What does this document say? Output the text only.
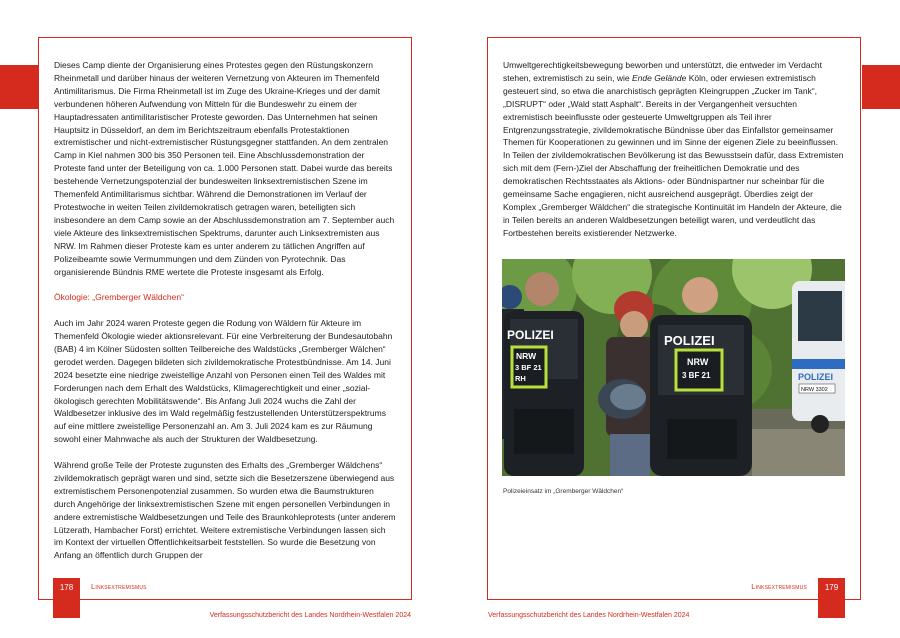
Dieses Camp diente der Organisierung eines Protestes gegen den Rüstungskonzern Rheinmetall und darüber hinaus der weiteren Vernetzung von Akteuren im Themenfeld Antimilitarismus. Die Firma Rheinmetall ist im Zuge des Ukraine-Krieges und der damit verbundenen höheren Aufwendung von Mitteln für die Bundeswehr zu einem der Hauptadressaten antimilitaristischer Proteste geworden. Das Unternehmen hat seinen Hauptsitz in Düsseldorf, an dem im Berichtszeitraum ebenfalls Protestaktionen extremistischer und nicht-extremistischer Rüstungsgegner stattfanden. An dem zentralen Camp in Kiel nahmen 300 bis 350 Personen teil. Eine Abschlussdemonstration der Proteste fand unter der Beteiligung von ca. 1.000 Personen statt. Dabei wurde das bereits bestehende Vernetzungspotenzial der bundesweiten linksextremistischen Szene im Themenfeld Antimilitarismus sichtbar. Während die Demonstrationen im Verlauf der Protestwoche in weiten Teilen zivildemokratisch getragen waren, beteiligten sich insbesondere an dem Camp sowie an der Abschlussdemonstration am 7. September auch viele Akteure des linksextremistischen Spektrums, darunter auch Linksextremisten aus NRW. Im Rahmen dieser Proteste kam es unter anderem zu tätlichen Angriffen auf Polizeibeamte sowie Vermummungen und dem Zünden von Pyrotechnik. Das organisierende Bündnis RME wertete die Proteste insgesamt als Erfolg.

Ökologie: „Gremberger Wäldchen“

Auch im Jahr 2024 waren Proteste gegen die Rodung von Wäldern für Akteure im Themenfeld Ökologie wieder aktionsrelevant. Für eine Verbreiterung der Bundesautobahn (BAB) 4 im Kölner Südosten sollten Teilbereiche des Waldstücks „Gremberger Wälchen“ gerodet werden. Dagegen bildeten sich zivildemokratische Protestbündnisse. Am 14. Juni 2024 besetzte eine niedrige zweistellige Anzahl von Personen einen Teil des Waldes mit Forderungen nach dem Erhalt des Waldstücks, Klimagerechtigkeit und einer „sozial-ökologisch gerechten Mobilitätswende“. Bis Anfang Juli 2024 wuchs die Zahl der Waldbesetzer inklusive des im Wald regelmäßig festzustellenden Unterstützerspektrums auf eine mittlere zweistellige Personenzahl an. Am 3. Juli 2024 kam es zur Räumung sowohl einer Mahnwache als auch der Strukturen der Waldbesetzung.

Während große Teile der Proteste zugunsten des Erhalts des „Gremberger Wäldchens“ zivildemokratisch geprägt waren und sind, setzte sich die Besetzerszene überwiegend aus extremistischem Personenpotenzial zusammen. So wurden etwa die Baumstrukturen durch Angehörige der linksextremistischen Szene mit engen personellen Verbindungen in andere extremistische Waldbesetzungen und Teile des Braunkohleprotests (unter anderem Lützerath, Hambacher Forst) errichtet. Weitere extremistische Verbindungen lassen sich im Kontext der virtuellen Öffentlichkeitsarbeit feststellen. So wurde die Besetzung von Anfang an öffentlich durch Gruppen der

Umweltgerechtigkeitsbewegung beworben und unterstützt, die entweder im Verdacht stehen, extremistisch zu sein, wie Ende Gelände Köln, oder erwiesen extremistisch gesteuert sind, so etwa die anarchistisch geprägten Kleingruppen „Zucker im Tank“, „DISRUPT“ oder „Wald statt Asphalt“. Bereits in der Vergangenheit versuchten extremistisch beeinflusste oder gesteuerte Umweltgruppen als Teil ihrer Entgrenzungsstrategie, zivildemokratische Bündnisse über das Einfallstor gemeinsamer Themen für Kooperationen zu gewinnen und im Sinne der eigenen Ziele zu beeinflussen. In Teilen der zivildemokratischen Bevölkerung ist das Bewusstsein dafür, dass Extremisten sich mit dem (Fern-)Ziel der Abschaffung der freiheitlichen Demokratie und des demokratischen Rechtsstaates als Aktions- oder Bündnispartner nur scheinbar für die gemeinsame Sache engagieren, nicht ausreichend ausgeprägt. Überdies zeigt der Komplex „Gremberger Wäldchen“ die strategische Kontinuität im Handeln der Akteure, die in Teilen bereits an anderen Waldbesetzungen beteiligt waren, und verdeutlicht das Fortbestehen bereits existierender Netzwerke.

POLIZEI
NRW 3302
POLIZEI
NRW
3 BF 21
RH
POLIZEI
NRW
3 BF 21
Polizeieinsatz im „Gremberger Wäldchen“
178	179
Linksextremismus	Linksextremismus
Verfassungsschutzbericht des Landes Nordrhein-Westfalen 2024	Verfassungsschutzbericht des Landes Nordrhein-Westfalen 2024
